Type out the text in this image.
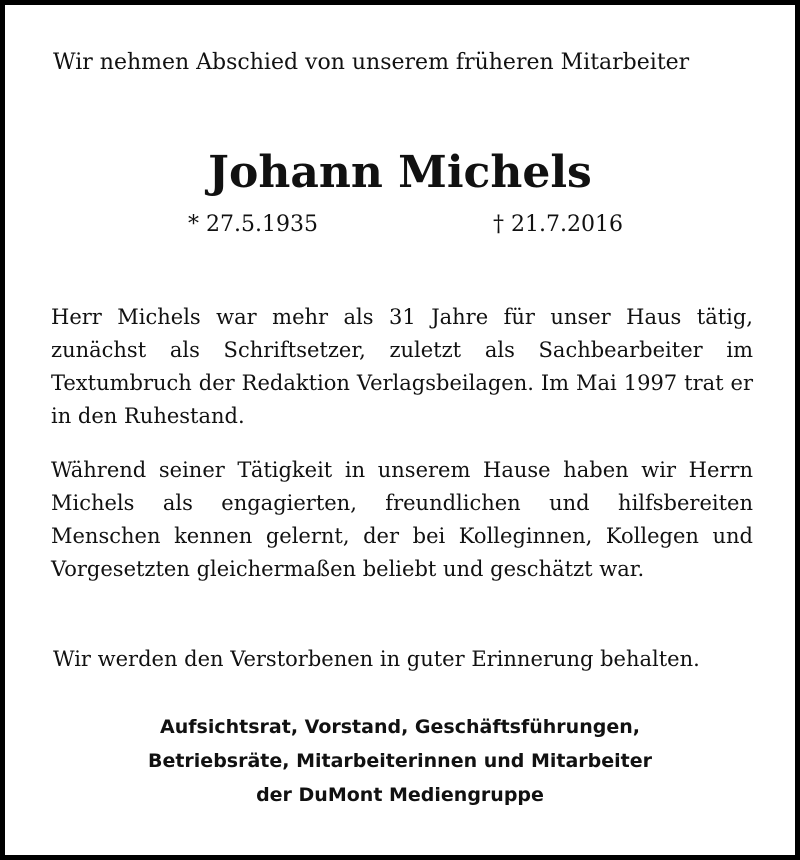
Wir nehmen Abschied von unserem früheren Mitarbeiter
Johann Michels
* 27.5.1935	† 21.7.2016
Herr Michels war mehr als 31 Jahre für unser Haus tätig, zunächst als Schriftsetzer, zuletzt als Sachbearbeiter im Textumbruch der Redaktion Verlagsbeilagen. Im Mai 1997 trat er in den Ruhestand.
Während seiner Tätigkeit in unserem Hause haben wir Herrn Michels als engagierten, freundlichen und hilfsbereiten Menschen kennen gelernt, der bei Kolleginnen, Kollegen und Vorgesetzten gleichermaßen beliebt und geschätzt war.
Wir werden den Verstorbenen in guter Erinnerung behalten.
Aufsichtsrat, Vorstand, Geschäftsführungen,
Betriebsräte, Mitarbeiterinnen und Mitarbeiter
der DuMont Mediengruppe
